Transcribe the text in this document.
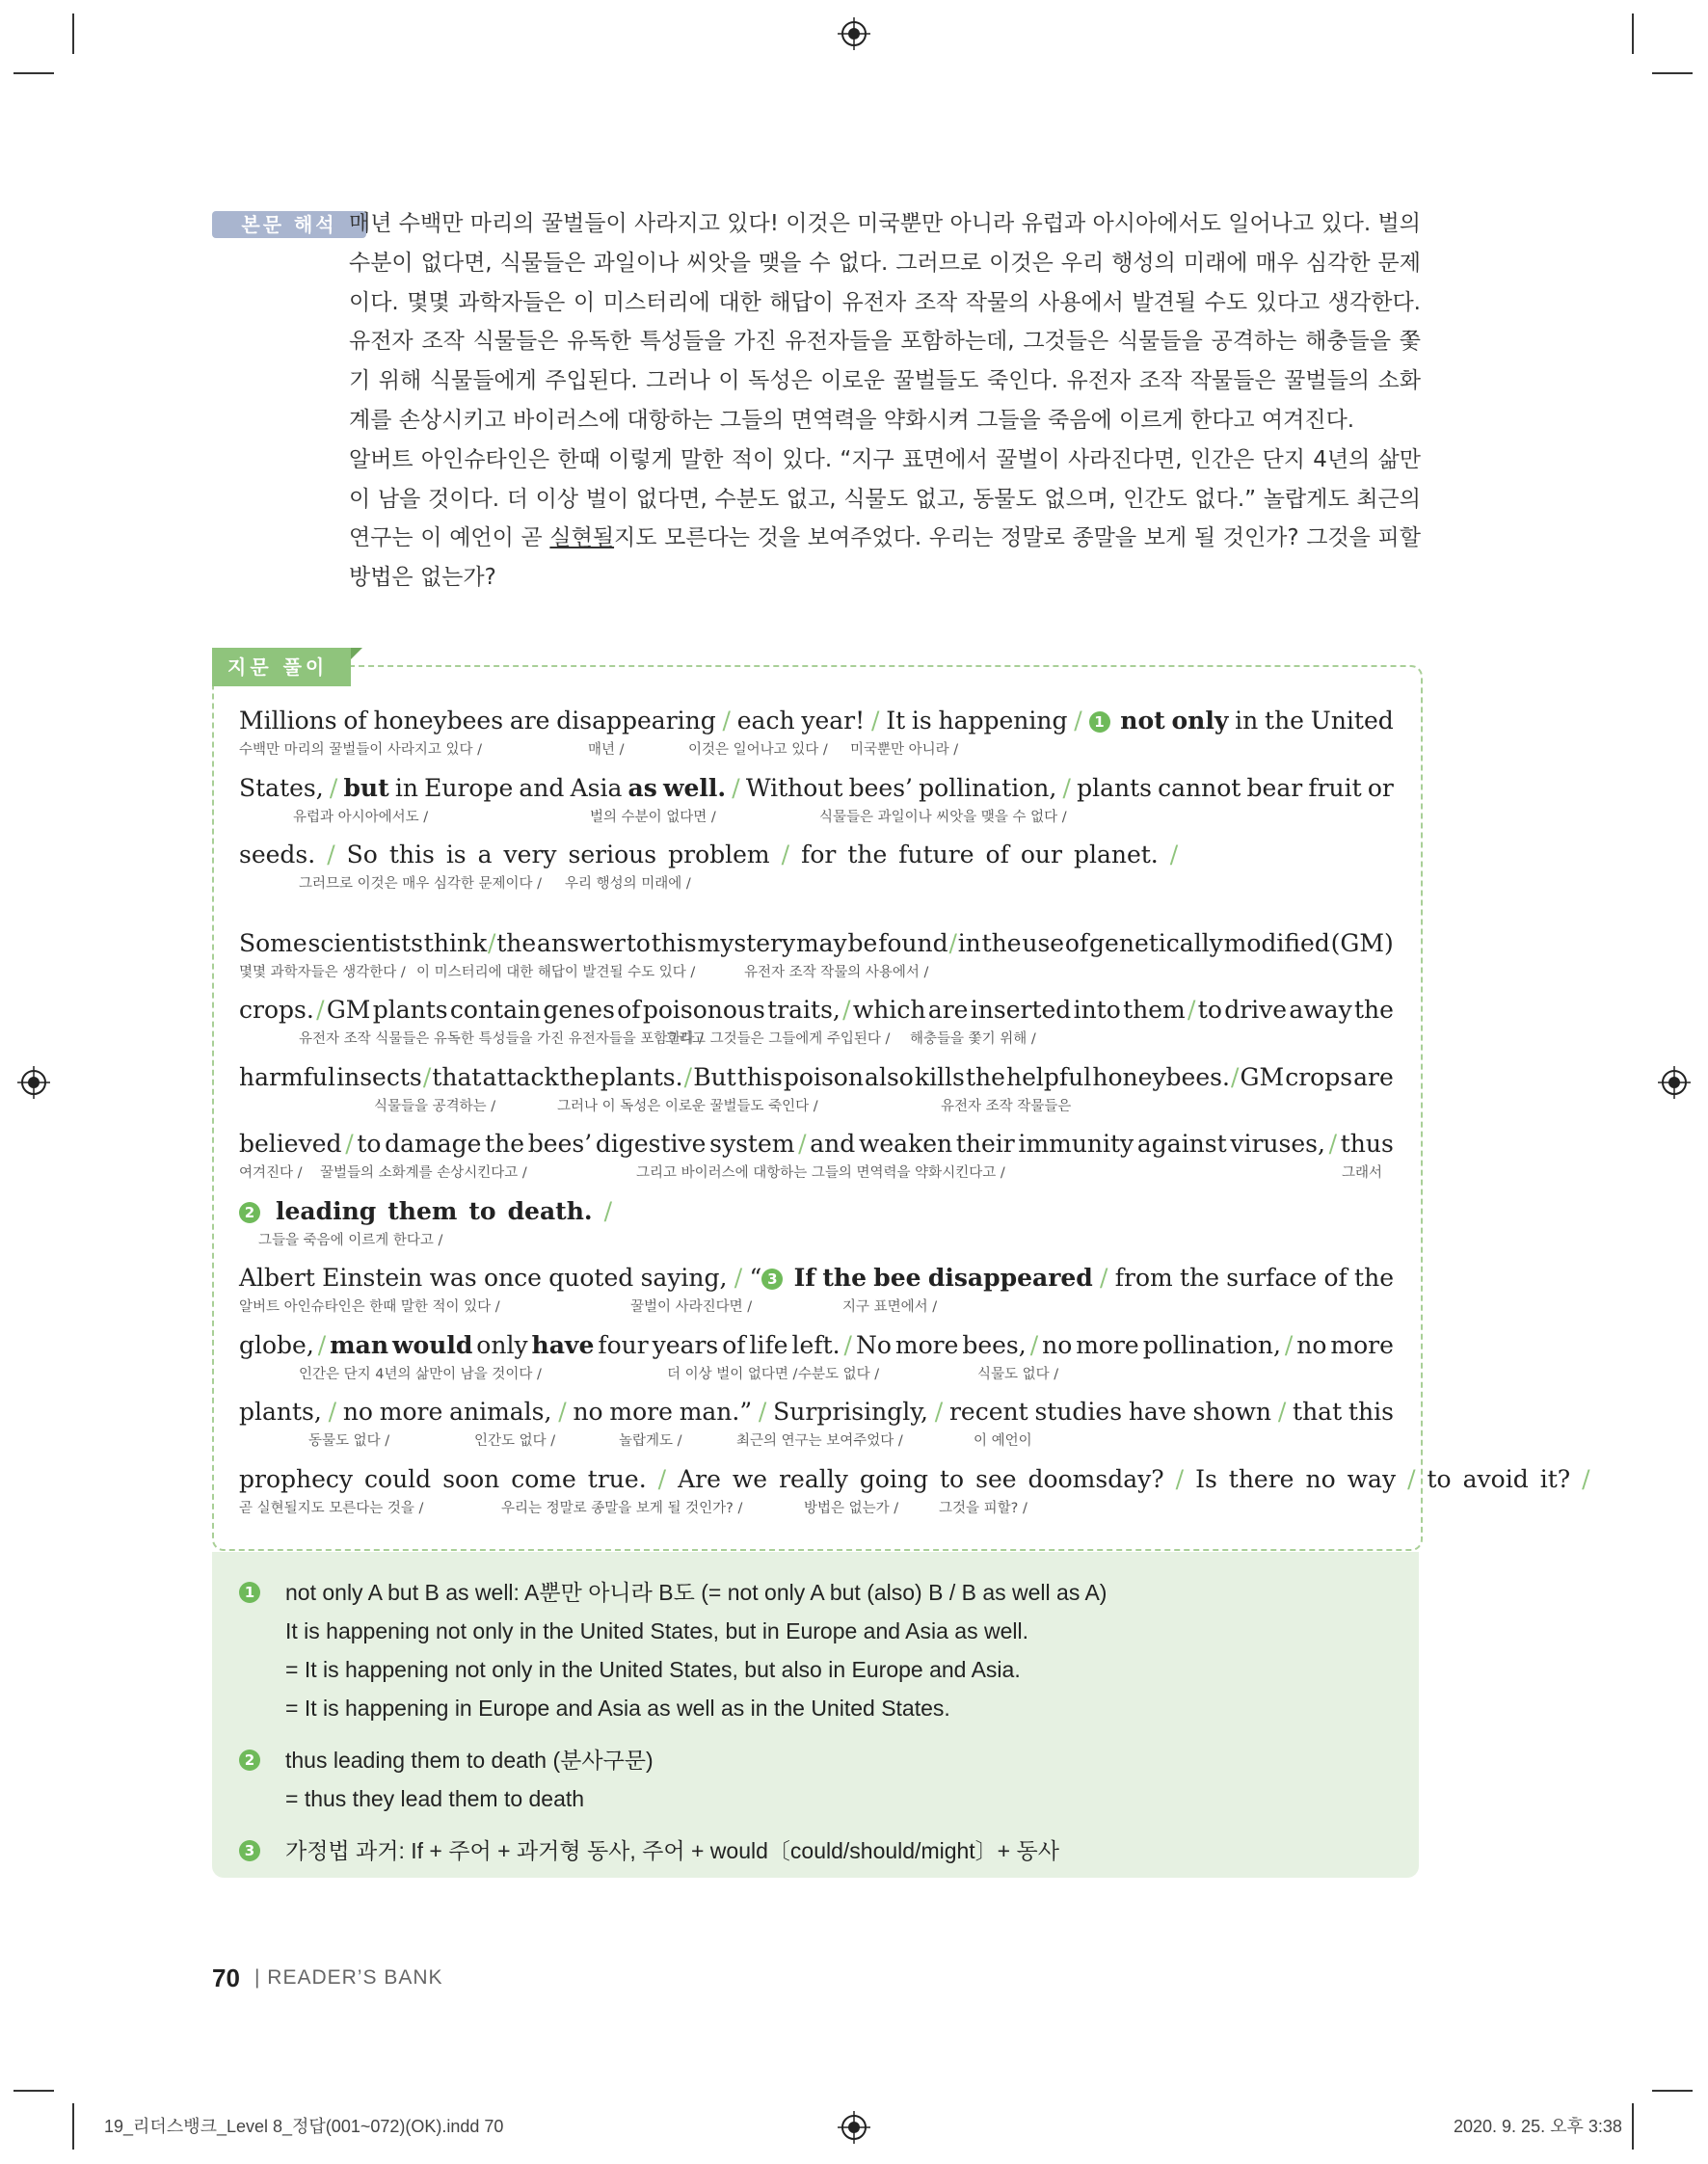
본문 해석 매년 수백만 마리의 꿀벌들이 사라지고 있다! 이것은 미국뿐만 아니라 유럽과 아시아에서도 일어나고 있다. 벌의 수분이 없다면, 식물들은 과일이나 씨앗을 맺을 수 없다. 그러므로 이것은 우리 행성의 미래에 매우 심각한 문제이다. 몇몇 과학자들은 이 미스터리에 대한 해답이 유전자 조작 작물의 사용에서 발견될 수도 있다고 생각한다. 유전자 조작 식물들은 유독한 특성들을 가진 유전자들을 포함하는데, 그것들은 식물들을 공격하는 해충들을 쫓기 위해 식물들에게 주입된다. 그러나 이 독성은 이로운 꿀벌들도 죽인다. 유전자 조작 작물들은 꿀벌들의 소화계를 손상시키고 바이러스에 대항하는 그들의 면역력을 약화시켜 그들을 죽음에 이르게 한다고 여겨진다.

알버트 아인슈타인은 한때 이렇게 말한 적이 있다. “지구 표면에서 꿀벌이 사라진다면, 인간은 단지 4년의 삶만이 남을 것이다. 더 이상 벌이 없다면, 수분도 없고, 식물도 없고, 동물도 없으며, 인간도 없다.” 놀랍게도 최근의 연구는 이 예언이 곧 실현될지도 모른다는 것을 보여주었다. 우리는 정말로 종말을 보게 될 것인가? 그것을 피할 방법은 없는가?

지문 풀이
Millions of honeybees are disappearing / each year! / It is happening / 1 not only in the United
수백만 마리의 꿀벌들이 사라지고 있다 /	매년 /	이것은 일어나고 있다 / 미국뿐만 아니라 /
States, / but in Europe and Asia as well. / Without bees’ pollination, / plants cannot bear fruit or
유럽과 아시아에서도 /	벌의 수분이 없다면 /	식물들은 과일이나 씨앗을 맺을 수 없다 /
seeds. / So this is a very serious problem / for the future of our planet. /
그러므로 이것은 매우 심각한 문제이다 / 우리 행성의 미래에 /
Some scientists think / the answer to this mystery may be found / in the use of genetically modified (GM)
몇몇 과학자들은 생각한다 / 이 미스터리에 대한 해답이 발견될 수도 있다 /	유전자 조작 작물의 사용에서 /
crops. / GM plants contain genes of poisonous traits, / which are inserted into them / to drive away the
유전자 조작 식물들은 유독한 특성들을 가진 유전자들을 포함한다 /
그리고 그것들은 그들에게 주입된다 / 해충들을 쫓기 위해 /
harmful insects / that attack the plants. / But this poison also kills the helpful honeybees. / GM crops are
식물들을 공격하는 /	그러나 이 독성은 이로운 꿀벌들도 죽인다 /	유전자 조작 작물들은
believed / to damage the bees’ digestive system / and weaken their immunity against viruses, / thus
여겨진다 / 꿀벌들의 소화계를 손상시킨다고 /	그리고 바이러스에 대항하는 그들의 면역력을 약화시킨다고 /	그래서
2 leading them to death. /
그들을 죽음에 이르게 한다고 /
Albert Einstein was once quoted saying, / “ 3 If the bee disappeared / from the surface of the
알버트 아인슈타인은 한때 말한 적이 있다 /	꿀벌이 사라진다면 /	지구 표면에서 /
globe, / man would only have four years of life left. / No more bees, / no more pollination, / no more
인간은 단지 4년의 삶만이 남을 것이다 /	더 이상 벌이 없다면 / 수분도 없다 /	식물도 없다 /
plants, / no more animals, / no more man.” / Surprisingly, / recent studies have shown / that this
동물도 없다 /	인간도 없다 /	놀랍게도 /	최근의 연구는 보여주었다 /	이 예언이
prophecy could soon come true. / Are we really going to see doomsday? / Is there no way / to avoid it? /
곧 실현될지도 모른다는 것을 /	우리는 정말로 종말을 보게 될 것인가? /	방법은 없는가 /	그것을 피할? /
1 not only A but B as well: A뿐만 아니라 B도 (= not only A but (also) B / B as well as A)
It is happening not only in the United States, but in Europe and Asia as well.
= It is happening not only in the United States, but also in Europe and Asia.
= It is happening in Europe and Asia as well as in the United States.
2 thus leading them to death (분사구문)
= thus they lead them to death
3 가정법 과거: If + 주어 + 과거형 동사, 주어 + would〔could/should/might〕+ 동사
70 | READER’S BANK
19_리더스뱅크_Level 8_정답(001~072)(OK).indd 70	2020. 9. 25. 오후 3:38
